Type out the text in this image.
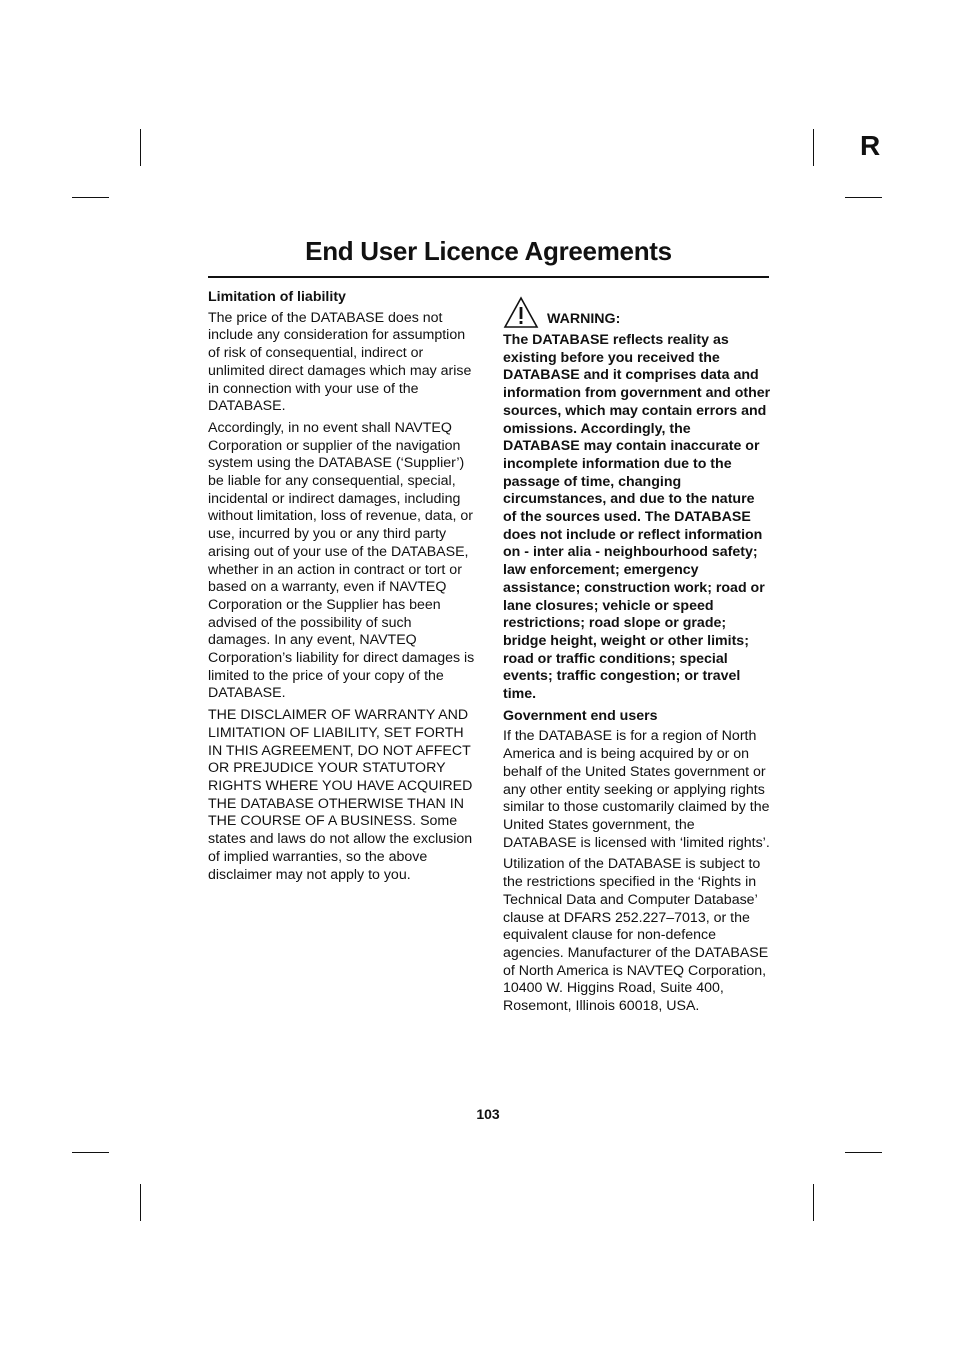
R
End User Licence Agreements
Limitation of liability

The price of the DATABASE does not include any consideration for assumption of risk of consequential, indirect or unlimited direct damages which may arise in connection with your use of the DATABASE.

Accordingly, in no event shall NAVTEQ Corporation or supplier of the navigation system using the DATABASE (‘Supplier’) be liable for any consequential, special, incidental or indirect damages, including without limitation, loss of revenue, data, or use, incurred by you or any third party arising out of your use of the DATABASE, whether in an action in contract or tort or based on a warranty, even if NAVTEQ Corporation or the Supplier has been advised of the possibility of such damages. In any event, NAVTEQ Corporation’s liability for direct damages is limited to the price of your copy of the DATABASE.

THE DISCLAIMER OF WARRANTY AND LIMITATION OF LIABILITY, SET FORTH IN THIS AGREEMENT, DO NOT AFFECT OR PREJUDICE YOUR STATUTORY RIGHTS WHERE YOU HAVE ACQUIRED THE DATABASE OTHERWISE THAN IN THE COURSE OF A BUSINESS. Some states and laws do not allow the exclusion of implied warranties, so the above disclaimer may not apply to you.

WARNING:

The DATABASE reflects reality as existing before you received the DATABASE and it comprises data and information from government and other sources, which may contain errors and omissions. Accordingly, the DATABASE may contain inaccurate or incomplete information due to the passage of time, changing circumstances, and due to the nature of the sources used. The DATABASE does not include or reflect information on - inter alia - neighbourhood safety; law enforcement; emergency assistance; construction work; road or lane closures; vehicle or speed restrictions; road slope or grade; bridge height, weight or other limits; road or traffic conditions; special events; traffic congestion; or travel time.

Government end users

If the DATABASE is for a region of North America and is being acquired by or on behalf of the United States government or any other entity seeking or applying rights similar to those customarily claimed by the United States government, the DATABASE is licensed with ‘limited rights’.

Utilization of the DATABASE is subject to the restrictions specified in the ‘Rights in Technical Data and Computer Database’ clause at DFARS 252.227–7013, or the equivalent clause for non-defence agencies. Manufacturer of the DATABASE of North America is NAVTEQ Corporation, 10400 W. Higgins Road, Suite 400, Rosemont, Illinois 60018, USA.

103
